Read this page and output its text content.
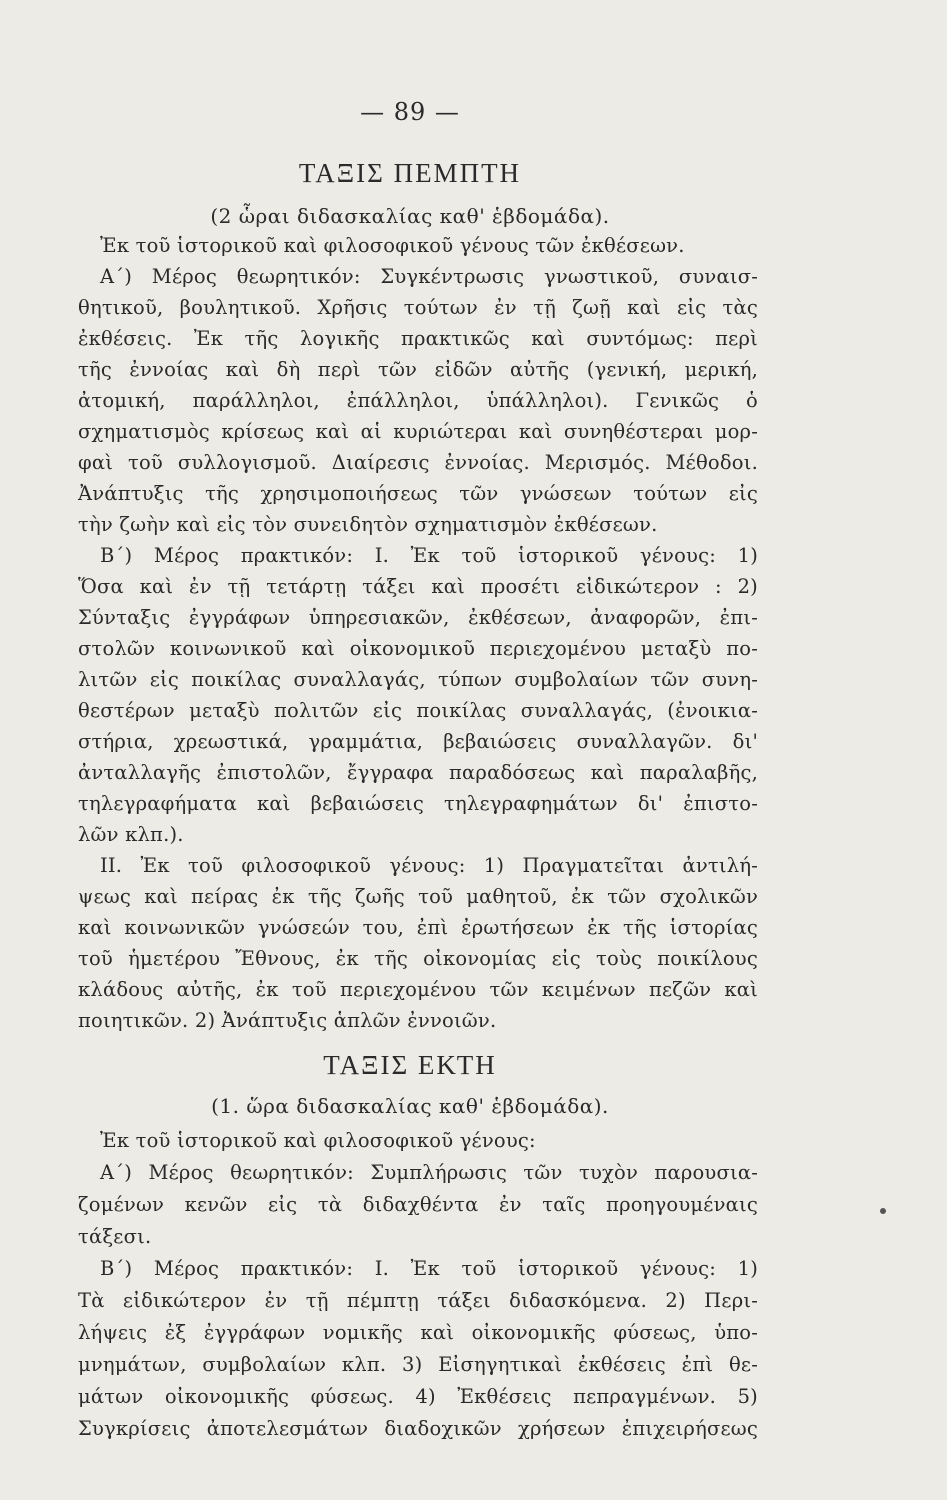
— 89 —
ΤΑΞΙΣ ΠΕΜΠΤΗ
(2 ὧραι διδασκαλίας καθ' ἑβδομάδα).
Ἐκ τοῦ ἱστορικοῦ καὶ φιλοσοφικοῦ γένους τῶν ἐκθέσεων.
Α΄) Μέρος θεωρητικόν: Συγκέντρωσις γνωστικοῦ, συναισ-
θητικοῦ, βουλητικοῦ. Χρῆσις τούτων ἐν τῇ ζωῇ καὶ εἰς τὰς
ἐκθέσεις. Ἐκ τῆς λογικῆς πρακτικῶς καὶ συντόμως: περὶ
τῆς ἐννοίας καὶ δὴ περὶ τῶν εἰδῶν αὐτῆς (γενική, μερική,
ἀτομική, παράλληλοι, ἐπάλληλοι, ὑπάλληλοι). Γενικῶς ὁ
σχηματισμὸς κρίσεως καὶ αἱ κυριώτεραι καὶ συνηθέστεραι μορ-
φαὶ τοῦ συλλογισμοῦ. Διαίρεσις ἐννοίας. Μερισμός. Μέθοδοι.
Ἀνάπτυξις τῆς χρησιμοποιήσεως τῶν γνώσεων τούτων εἰς
τὴν ζωὴν καὶ εἰς τὸν συνειδητὸν σχηματισμὸν ἐκθέσεων.
Β΄) Μέρος πρακτικόν: Ι. Ἐκ τοῦ ἱστορικοῦ γένους: 1)
Ὅσα καὶ ἐν τῇ τετάρτῃ τάξει καὶ προσέτι εἰδικώτερον : 2)
Σύνταξις ἐγγράφων ὑπηρεσιακῶν, ἐκθέσεων, ἀναφορῶν, ἐπι-
στολῶν κοινωνικοῦ καὶ οἰκονομικοῦ περιεχομένου μεταξὺ πο-
λιτῶν εἰς ποικίλας συναλλαγάς, τύπων συμβολαίων τῶν συνη-
θεστέρων μεταξὺ πολιτῶν εἰς ποικίλας συναλλαγάς, (ἐνοικια-
στήρια, χρεωστικά, γραμμάτια, βεβαιώσεις συναλλαγῶν. δι'
ἀνταλλαγῆς ἐπιστολῶν, ἔγγραφα παραδόσεως καὶ παραλαβῆς,
τηλεγραφήματα καὶ βεβαιώσεις τηλεγραφημάτων δι' ἐπιστο-
λῶν κλπ.).
ΙΙ. Ἐκ τοῦ φιλοσοφικοῦ γένους: 1) Πραγματεῖται ἀντιλή-
ψεως καὶ πείρας ἐκ τῆς ζωῆς τοῦ μαθητοῦ, ἐκ τῶν σχολικῶν
καὶ κοινωνικῶν γνώσεών του, ἐπὶ ἐρωτήσεων ἐκ τῆς ἱστορίας
τοῦ ἡμετέρου Ἔθνους, ἐκ τῆς οἰκονομίας εἰς τοὺς ποικίλους
κλάδους αὐτῆς, ἐκ τοῦ περιεχομένου τῶν κειμένων πεζῶν καὶ
ποιητικῶν. 2) Ἀνάπτυξις ἁπλῶν ἐννοιῶν.
ΤΑΞΙΣ ΕΚΤΗ
(1. ὥρα διδασκαλίας καθ' ἑβδομάδα).
Ἐκ τοῦ ἱστορικοῦ καὶ φιλοσοφικοῦ γένους:
Α΄) Μέρος θεωρητικόν: Συμπλήρωσις τῶν τυχὸν παρουσια-
ζομένων κενῶν εἰς τὰ διδαχθέντα ἐν ταῖς προηγουμέναις
τάξεσι.
Β΄) Μέρος πρακτικόν: Ι. Ἐκ τοῦ ἱστορικοῦ γένους: 1)
Τὰ εἰδικώτερον ἐν τῇ πέμπτῃ τάξει διδασκόμενα. 2) Περι-
λήψεις ἐξ ἐγγράφων νομικῆς καὶ οἰκονομικῆς φύσεως, ὑπο-
μνημάτων, συμβολαίων κλπ. 3) Εἰσηγητικαὶ ἐκθέσεις ἐπὶ θε-
μάτων οἰκονομικῆς φύσεως. 4) Ἐκθέσεις πεπραγμένων. 5)
Συγκρίσεις ἀποτελεσμάτων διαδοχικῶν χρήσεων ἐπιχειρήσεως
